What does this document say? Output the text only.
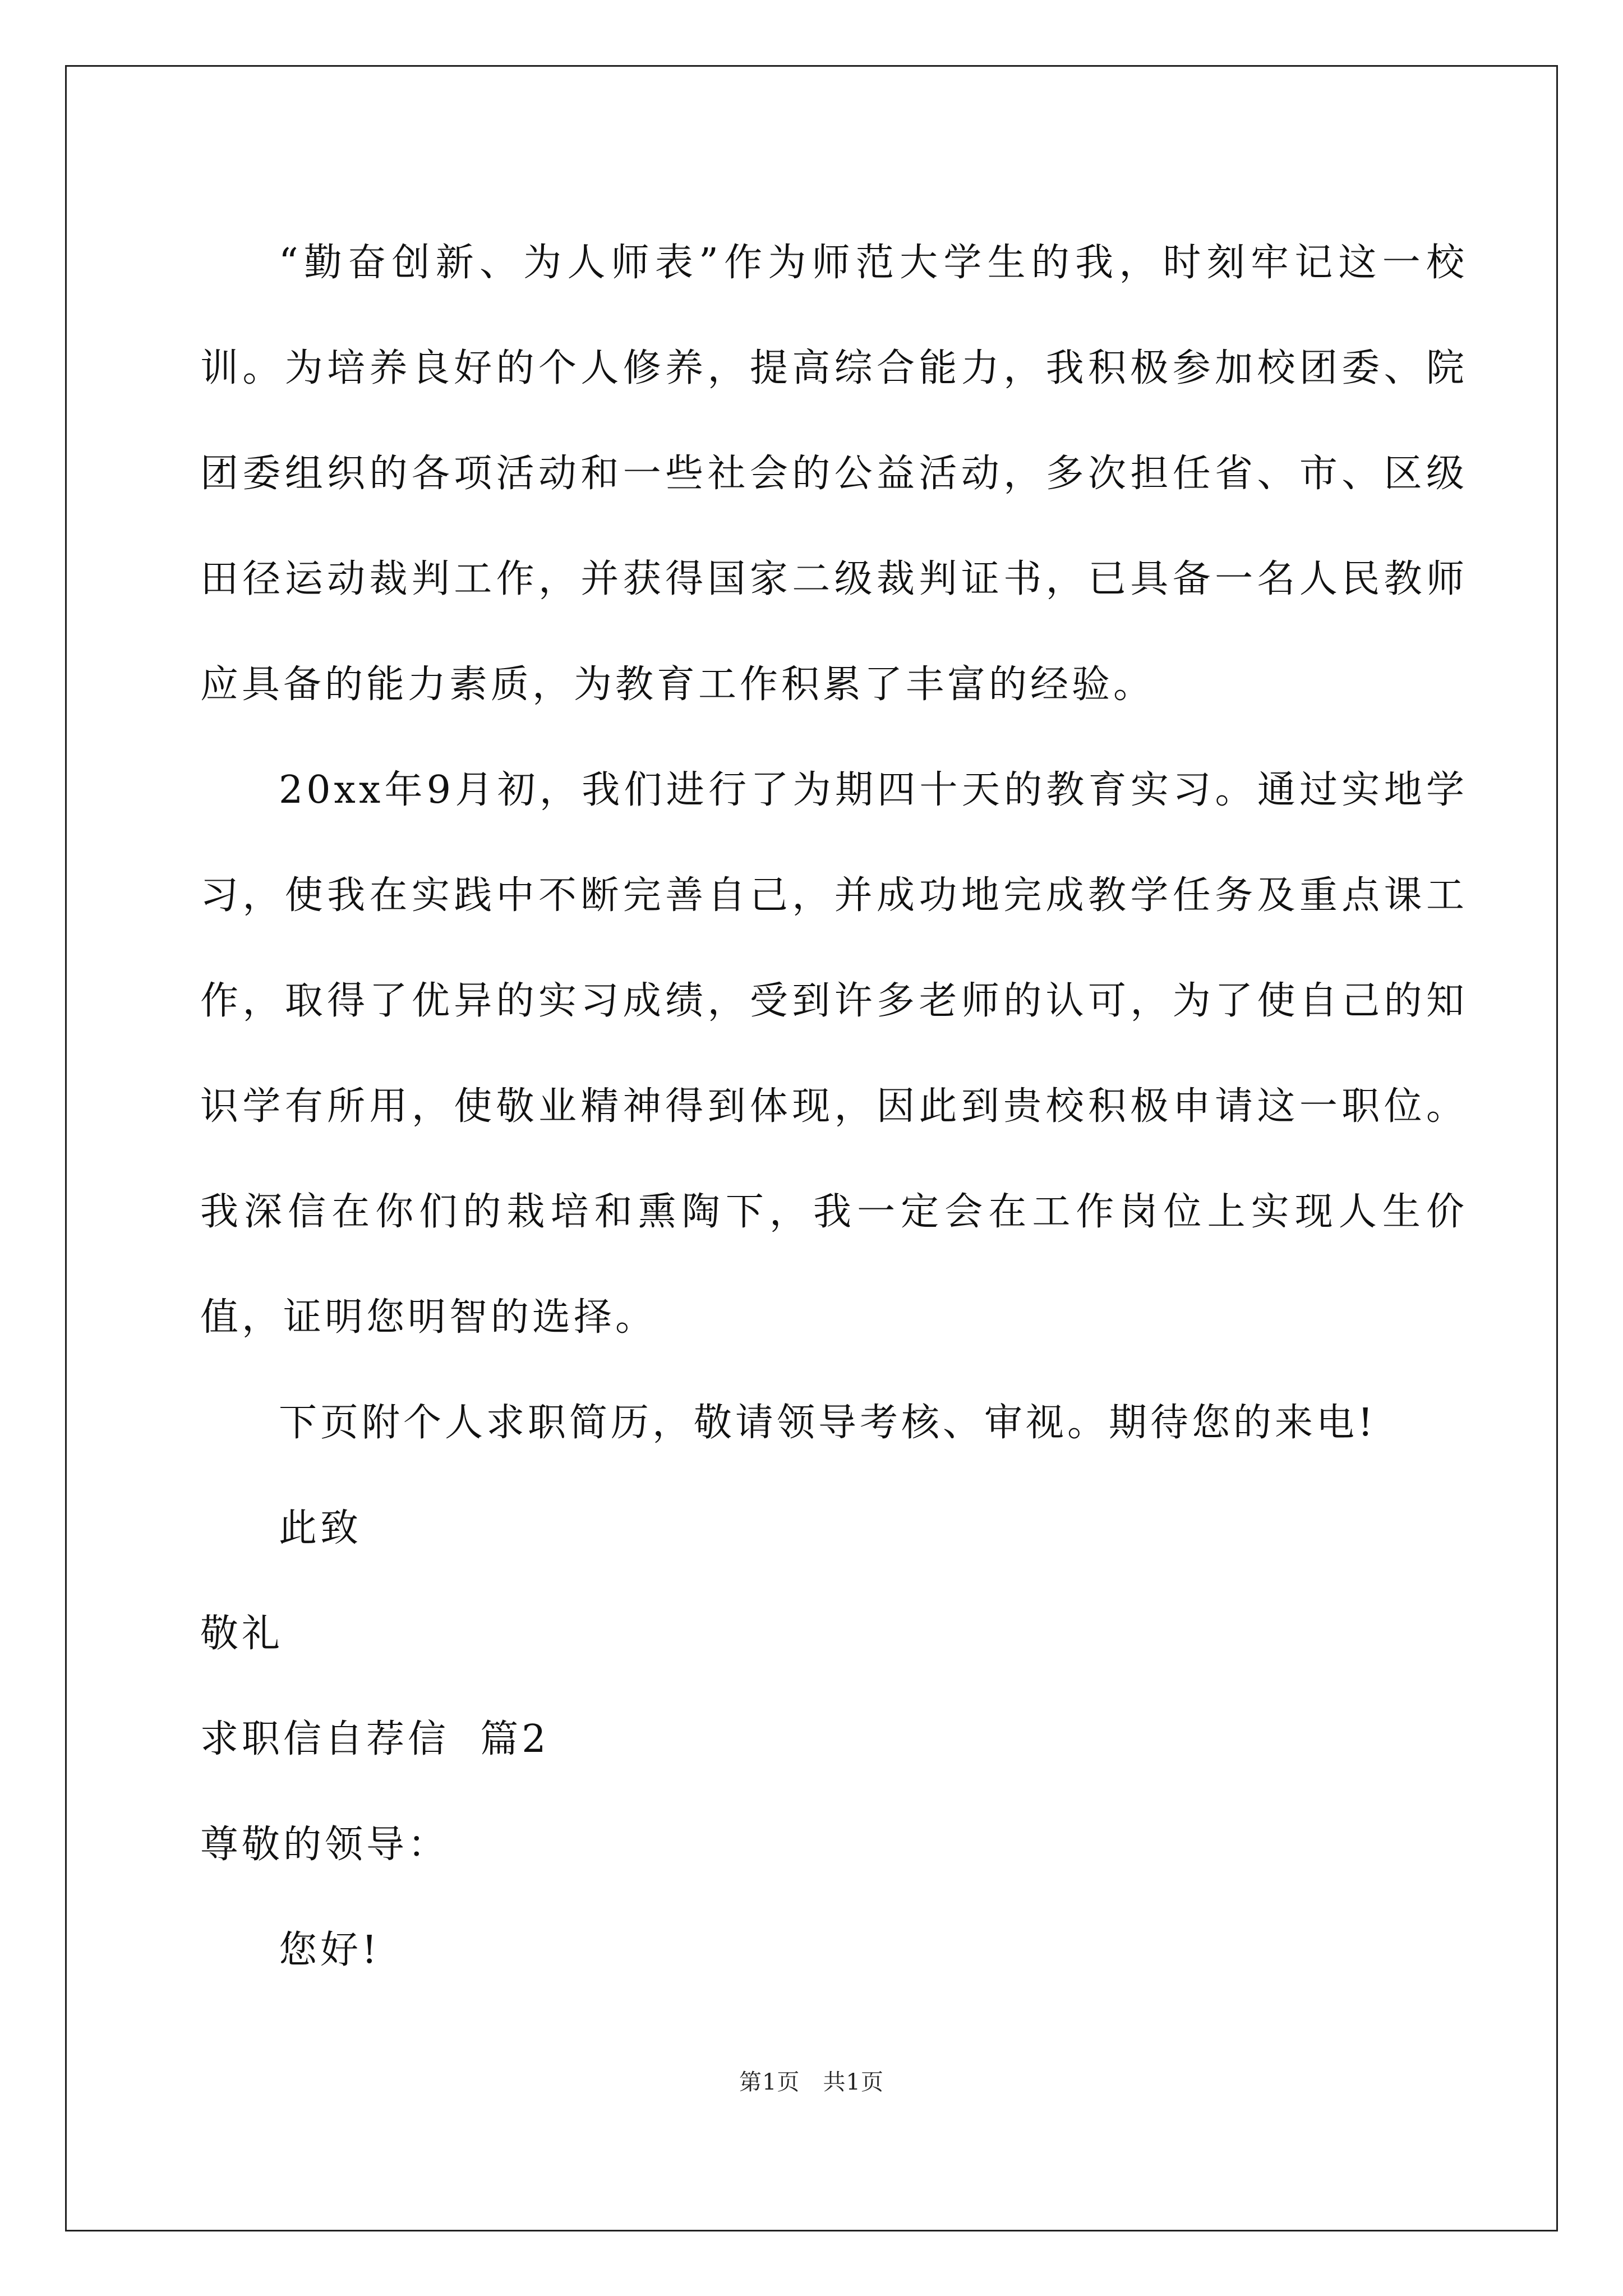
“勤奋创新、为人师表”作为师范大学生的我，时刻牢记这一校训。为培养良好的个人修养，提高综合能力，我积极参加校团委、院团委组织的各项活动和一些社会的公益活动，多次担任省、市、区级田径运动裁判工作，并获得国家二级裁判证书，已具备一名人民教师应具备的能力素质，为教育工作积累了丰富的经验。

20xx年9月初，我们进行了为期四十天的教育实习。通过实地学习，使我在实践中不断完善自己，并成功地完成教学任务及重点课工作，取得了优异的实习成绩，受到许多老师的认可，为了使自己的知识学有所用，使敬业精神得到体现，因此到贵校积极申请这一职位。我深信在你们的栽培和熏陶下，我一定会在工作岗位上实现人生价值，证明您明智的选择。

下页附个人求职简历，敬请领导考核、审视。期待您的来电!

此致

敬礼

求职信自荐信  篇2

尊敬的领导：

您好!

第1页   共1页
